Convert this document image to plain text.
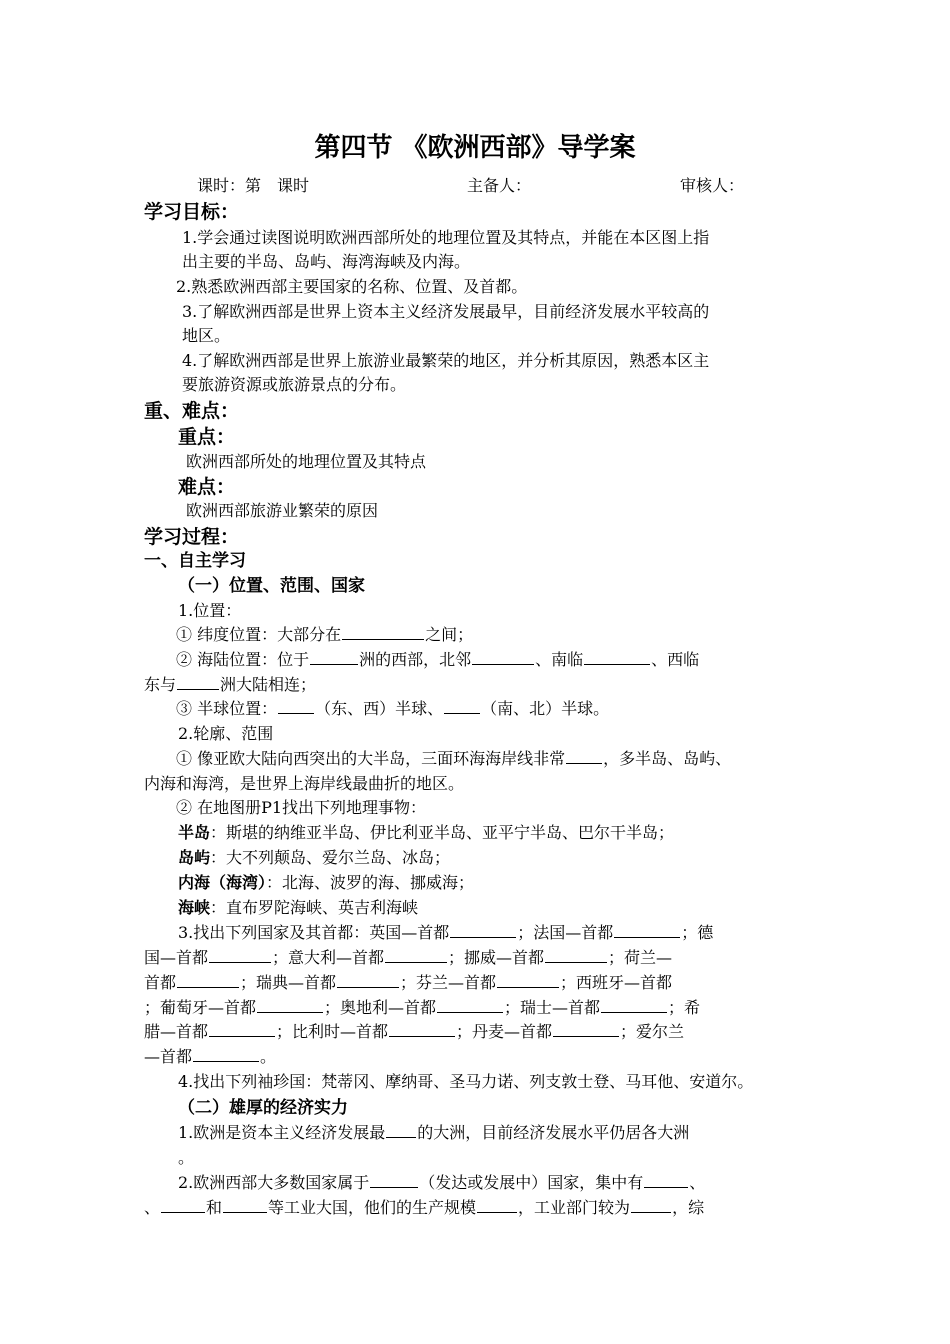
第四节 《欧洲西部》导学案
课时：第　课时	主备人：	审核人：
学习目标：
1.学会通过读图说明欧洲西部所处的地理位置及其特点，并能在本区图上指
出主要的半岛、岛屿、海湾海峡及内海。
2.熟悉欧洲西部主要国家的名称、位置、及首都。
3.了解欧洲西部是世界上资本主义经济发展最早，目前经济发展水平较高的
地区。
4.了解欧洲西部是世界上旅游业最繁荣的地区，并分析其原因，熟悉本区主
要旅游资源或旅游景点的分布。
重、难点：
重点：
欧洲西部所处的地理位置及其特点
难点：
欧洲西部旅游业繁荣的原因
学习过程：
一、自主学习
（一）位置、范围、国家
1.位置：
① 纬度位置：大部分在	之间；
② 海陆位置：位于	洲的西部，北邻	、南临	、西临
东与	洲大陆相连；
③ 半球位置： （东、西）半球、 （南、北）半球。
2.轮廓、范围
① 像亚欧大陆向西突出的大半岛，三面环海海岸线非常 ，多半岛、岛屿、
内海和海湾，是世界上海岸线最曲折的地区。
② 在地图册P1找出下列地理事物：
半岛：斯堪的纳维亚半岛、伊比利亚半岛、亚平宁半岛、巴尔干半岛；
岛屿：大不列颠岛、爱尔兰岛、冰岛；
内海（海湾）：北海、波罗的海、挪威海；
海峡：直布罗陀海峡、英吉利海峡
3.找出下列国家及其首都：英国—首都	；法国—首都	；德
国—首都	；意大利—首都	；挪威—首都	；荷兰—
首都	；瑞典—首都	；芬兰—首都	；西班牙—首都
；葡萄牙—首都	；奥地利—首都	；瑞士—首都	；希
腊—首都	；比利时—首都	；丹麦—首都	；爱尔兰
—首都	。
4.找出下列袖珍国：梵蒂冈、摩纳哥、圣马力诺、列支敦士登、马耳他、安道尔。
（二）雄厚的经济实力
1.欧洲是资本主义经济发展最 的大洲，目前经济发展水平仍居各大洲
。
2.欧洲西部大多数国家属于	（发达或发展中）国家，集中有	、
、	和	等工业大国，他们的生产规模	，工业部门较为	，综
